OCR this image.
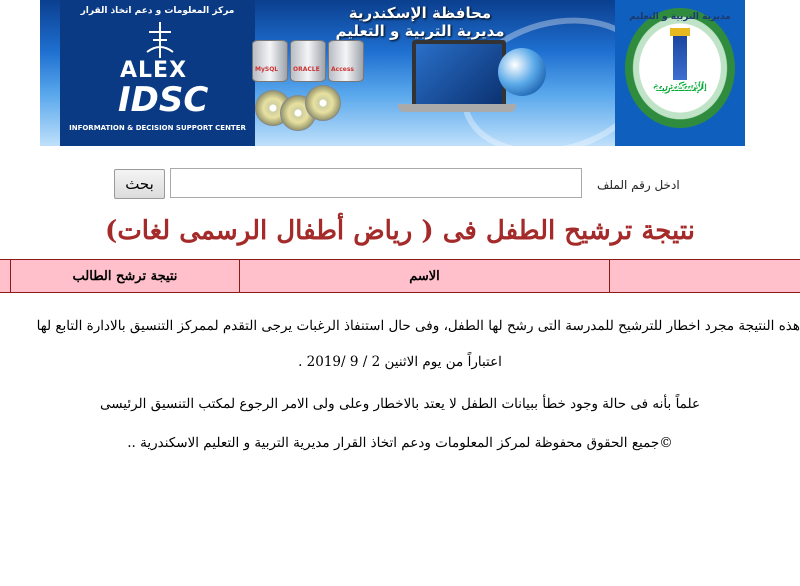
مركز المعلومات و دعم اتخاذ القرار
ALEX
IDSC
INFORMATION & DECISION SUPPORT CENTER
محافظة الإسكندرية
مديرية التربية و التعليم
MySQL ORACLE Access
مديرية التربية و التعليم
الإسكندرية
ادخل رقم الملف
بحث
نتيجة ترشيح الطفل فى ( رياض أطفال الرسمى لغات)
	نتيجة ترشح الطالب	الاسم		
هذه النتيجة مجرد اخطار للترشيح للمدرسة التى رشح لها الطفل، وفى حال استنفاذ الرغبات يرجى التقدم لممركز التنسيق بالادارة التابع لها
اعتباراً من يوم الاثنين 2 / 9 /2019 .
علماً بأنه فى حالة وجود خطأ ببيانات الطفل لا يعتد بالاخطار وعلى ولى الامر الرجوع لمكتب التنسيق الرئيسى
©جميع الحقوق محفوظة لمركز المعلومات ودعم اتخاذ القرار مديرية التربية و التعليم الاسكندرية ..
